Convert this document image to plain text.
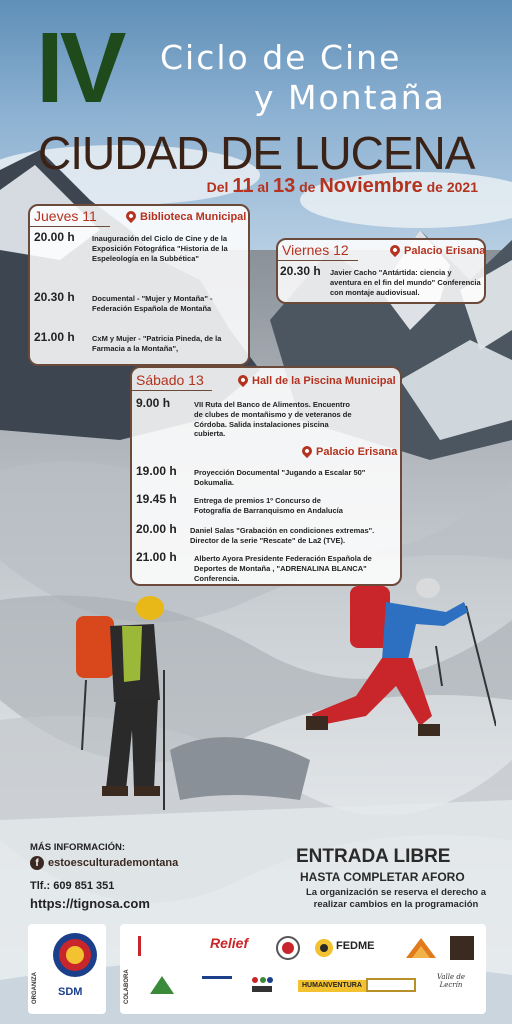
IV Ciclo de Cine
y Montaña
CIUDAD DE LUCENA
Del 11 al 13 de Noviembre de 2021
Jueves 11	Biblioteca Municipal
20.00 h Inauguración del Ciclo de Cine y de la Exposición Fotográfica "Historia de la Espeleología en la Subbética"
20.30 h Documental - "Mujer y Montaña" - Federación Española de Montaña
21.00 h CxM y Mujer - "Patricia Pineda, de la Farmacia a la Montaña",
Viernes 12	Palacio Erisana
20.30 h Javier Cacho "Antártida: ciencia y aventura en el fin del mundo" Conferencia con montaje audiovisual.
Sábado 13	Hall de la Piscina Municipal
9.00 h	VII Ruta del Banco de Alimentos. Encuentro de clubes de montañismo y de veteranos de Córdoba. Salida instalaciones piscina cubierta.
Palacio Erisana
19.00 h Proyección Documental "Jugando a Escalar 50" Dokumalia.
19.45 h Entrega de premios 1º Concurso de Fotografía de Barranquismo en Andalucía
20.00 h Daniel Salas "Grabación en condiciones extremas". Director de la serie "Rescate" de La2 (TVE).
21.00 h Alberto Ayora Presidente Federación Española de Deportes de Montaña , "ADRENALINA BLANCA" Conferencia.
MÁS INFORMACIÓN:
f estoesculturademontana
Tlf.: 609 851 351
https://tignosa.com
ENTRADA LIBRE
HASTA COMPLETAR AFORO
La organización se reserva el derecho a realizar cambios en la programación
ORGANIZA SDM	COLABORA
Relief	FEDME
HUMANVENTURA
Valle de Lecrín
